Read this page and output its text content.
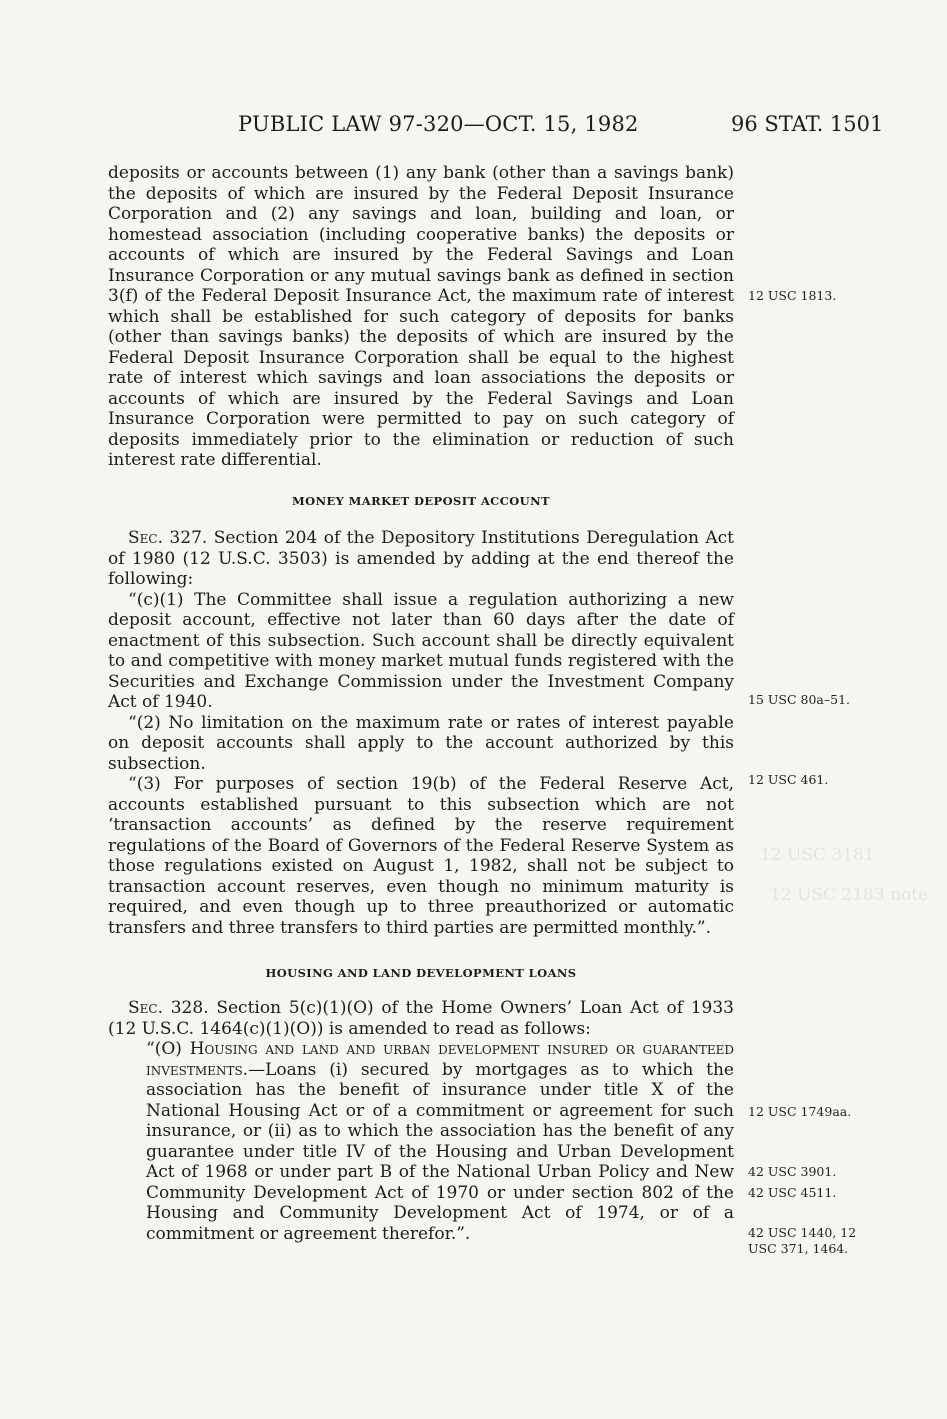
PUBLIC LAW 97-320—OCT. 15, 1982	96 STAT. 1501
12 USC 3181
12 USC 2183 note

deposits or accounts between (1) any bank (other than a savings bank) the deposits of which are insured by the Federal Deposit Insurance Corporation and (2) any savings and loan, building and loan, or homestead association (including cooperative banks) the deposits or accounts of which are insured by the Federal Savings and Loan Insurance Corporation or any mutual savings bank as defined in section 3(f) of the Federal Deposit Insurance Act, the maximum rate of interest which shall be established for such category of deposits for banks (other than savings banks) the deposits of which are insured by the Federal Deposit Insurance Corporation shall be equal to the highest rate of interest which savings and loan associations the deposits or accounts of which are insured by the Federal Savings and Loan Insurance Corporation were permitted to pay on such category of deposits immediately prior to the elimination or reduction of such interest rate differential.

MONEY MARKET DEPOSIT ACCOUNT

Sec. 327. Section 204 of the Depository Institutions Deregulation Act of 1980 (12 U.S.C. 3503) is amended by adding at the end thereof the following:

“(c)(1) The Committee shall issue a regulation authorizing a new deposit account, effective not later than 60 days after the date of enactment of this subsection. Such account shall be directly equivalent to and competitive with money market mutual funds registered with the Securities and Exchange Commission under the Investment Company Act of 1940.

“(2) No limitation on the maximum rate or rates of interest payable on deposit accounts shall apply to the account authorized by this subsection.

“(3) For purposes of section 19(b) of the Federal Reserve Act, accounts established pursuant to this subsection which are not ‘transaction accounts’ as defined by the reserve requirement regulations of the Board of Governors of the Federal Reserve System as those regulations existed on August 1, 1982, shall not be subject to transaction account reserves, even though no minimum maturity is required, and even though up to three preauthorized or automatic transfers and three transfers to third parties are permitted monthly.”.

HOUSING AND LAND DEVELOPMENT LOANS

Sec. 328. Section 5(c)(1)(O) of the Home Owners’ Loan Act of 1933 (12 U.S.C. 1464(c)(1)(O)) is amended to read as follows:

“(O) Housing and land and urban development insured or guaranteed investments.—Loans (i) secured by mortgages as to which the association has the benefit of insurance under title X of the National Housing Act or of a commitment or agreement for such insurance, or (ii) as to which the association has the benefit of any guarantee under title IV of the Housing and Urban Development Act of 1968 or under part B of the National Urban Policy and New Community Development Act of 1970 or under section 802 of the Housing and Community Development Act of 1974, or of a commitment or agreement therefor.”.

12 USC 1813.
15 USC 80a–51.
12 USC 461.
12 USC 1749aa.
42 USC 3901.
42 USC 4511.
42 USC 1440, 12
USC 371, 1464.
